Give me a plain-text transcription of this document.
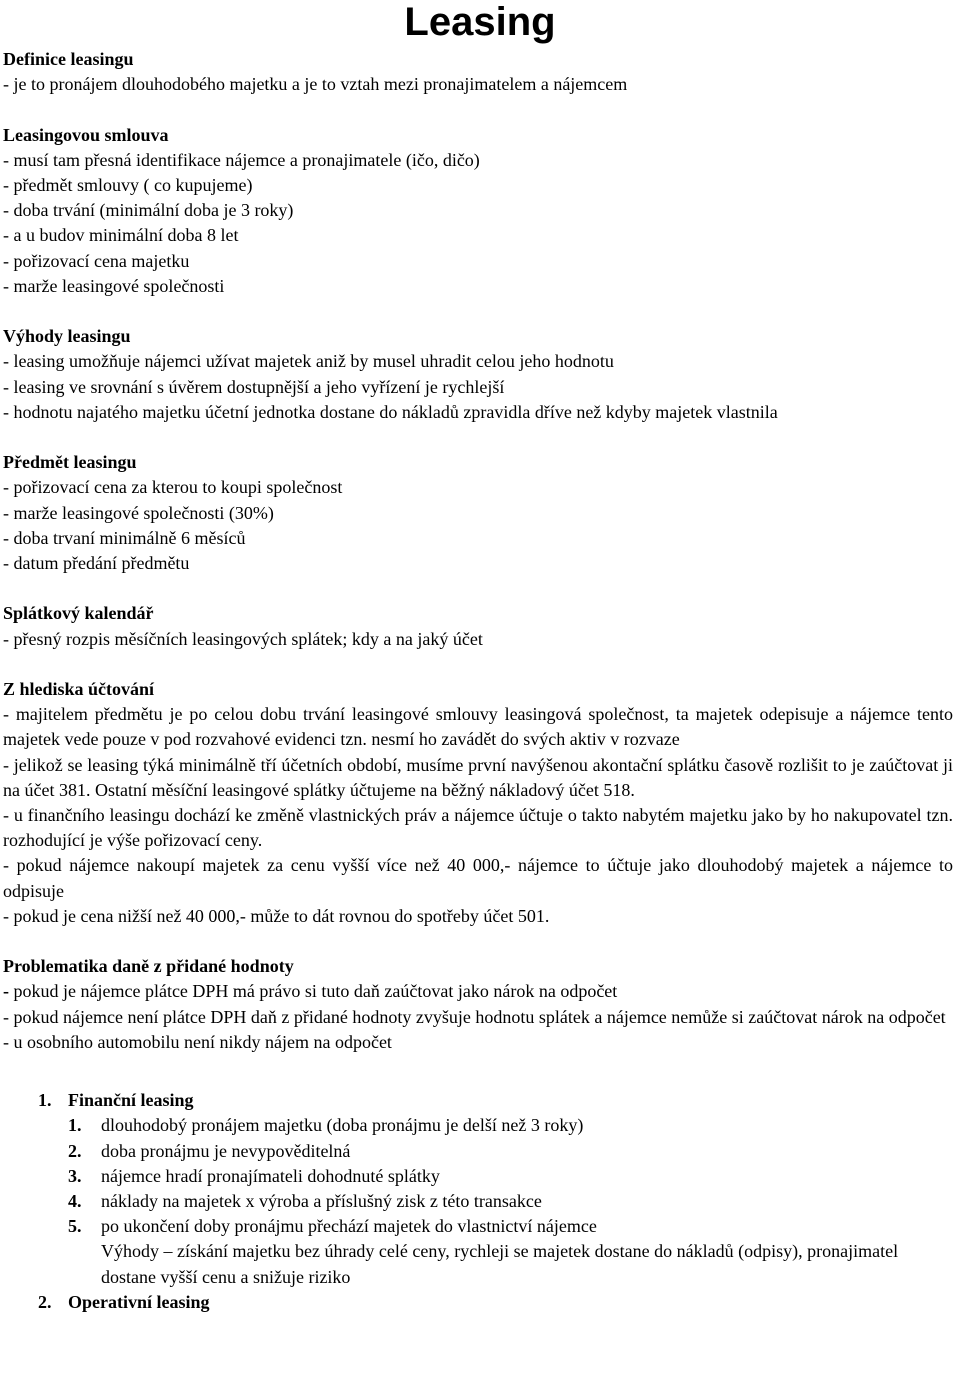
Leasing
Definice leasingu
- je to pronájem dlouhodobého majetku a je to vztah mezi pronajimatelem a nájemcem
Leasingovou smlouva
- musí tam přesná identifikace nájemce a pronajimatele (ičo, dičo)
- předmět smlouvy ( co kupujeme)
- doba trvání (minimální doba je 3 roky)
- a u budov minimální doba 8 let
- pořizovací cena majetku
- marže leasingové společnosti
Výhody leasingu
- leasing umožňuje nájemci užívat majetek aniž by musel uhradit celou jeho hodnotu
- leasing ve srovnání s úvěrem dostupnější a jeho vyřízení je rychlejší
- hodnotu najatého majetku účetní jednotka dostane do nákladů zpravidla dříve než kdyby majetek vlastnila
Předmět leasingu
- pořizovací cena za kterou to koupi společnost
- marže leasingové společnosti (30%)
- doba trvaní minimálně 6 měsíců
- datum předání předmětu
Splátkový kalendář
- přesný rozpis měsíčních leasingových splátek; kdy a na jaký účet
Z hlediska účtování
- majitelem předmětu je po celou dobu trvání leasingové smlouvy leasingová společnost, ta majetek odepisuje a nájemce tento majetek vede pouze v pod rozvahové evidenci tzn. nesmí ho zavádět do svých aktiv v rozvaze
- jelikož se leasing týká minimálně tří účetních období, musíme první navýšenou akontační splátku časově rozlišit to je zaúčtovat ji na účet 381. Ostatní měsíční leasingové splátky účtujeme na běžný nákladový účet 518.
- u finančního leasingu dochází ke změně vlastnických práv a nájemce účtuje o takto nabytém majetku jako by ho nakupovatel tzn. rozhodující je výše pořizovací ceny.
- pokud nájemce nakoupí majetek za cenu vyšší více než 40 000,- nájemce to účtuje jako dlouhodobý majetek a nájemce to odpisuje
- pokud je cena nižší než 40 000,- může to dát rovnou do spotřeby účet 501.
Problematika daně z přidané hodnoty
- pokud je nájemce plátce DPH má právo si tuto daň zaúčtovat jako nárok na odpočet
- pokud nájemce není plátce DPH daň z přidané hodnoty zvyšuje hodnotu splátek a nájemce nemůže si zaúčtovat nárok na odpočet
- u osobního automobilu není nikdy nájem na odpočet
1. Finanční leasing
1. dlouhodobý pronájem majetku (doba pronájmu je delší než 3 roky)
2. doba pronájmu je nevypověditelná
3. nájemce hradí pronajímateli dohodnuté splátky
4. náklady na majetek x výroba a příslušný zisk z této transakce
5. po ukončení doby pronájmu přechází majetek do vlastnictví nájemce
Výhody – získání majetku bez úhrady celé ceny, rychleji se majetek dostane do nákladů (odpisy), pronajimatel dostane vyšší cenu a snižuje riziko
2. Operativní leasing
